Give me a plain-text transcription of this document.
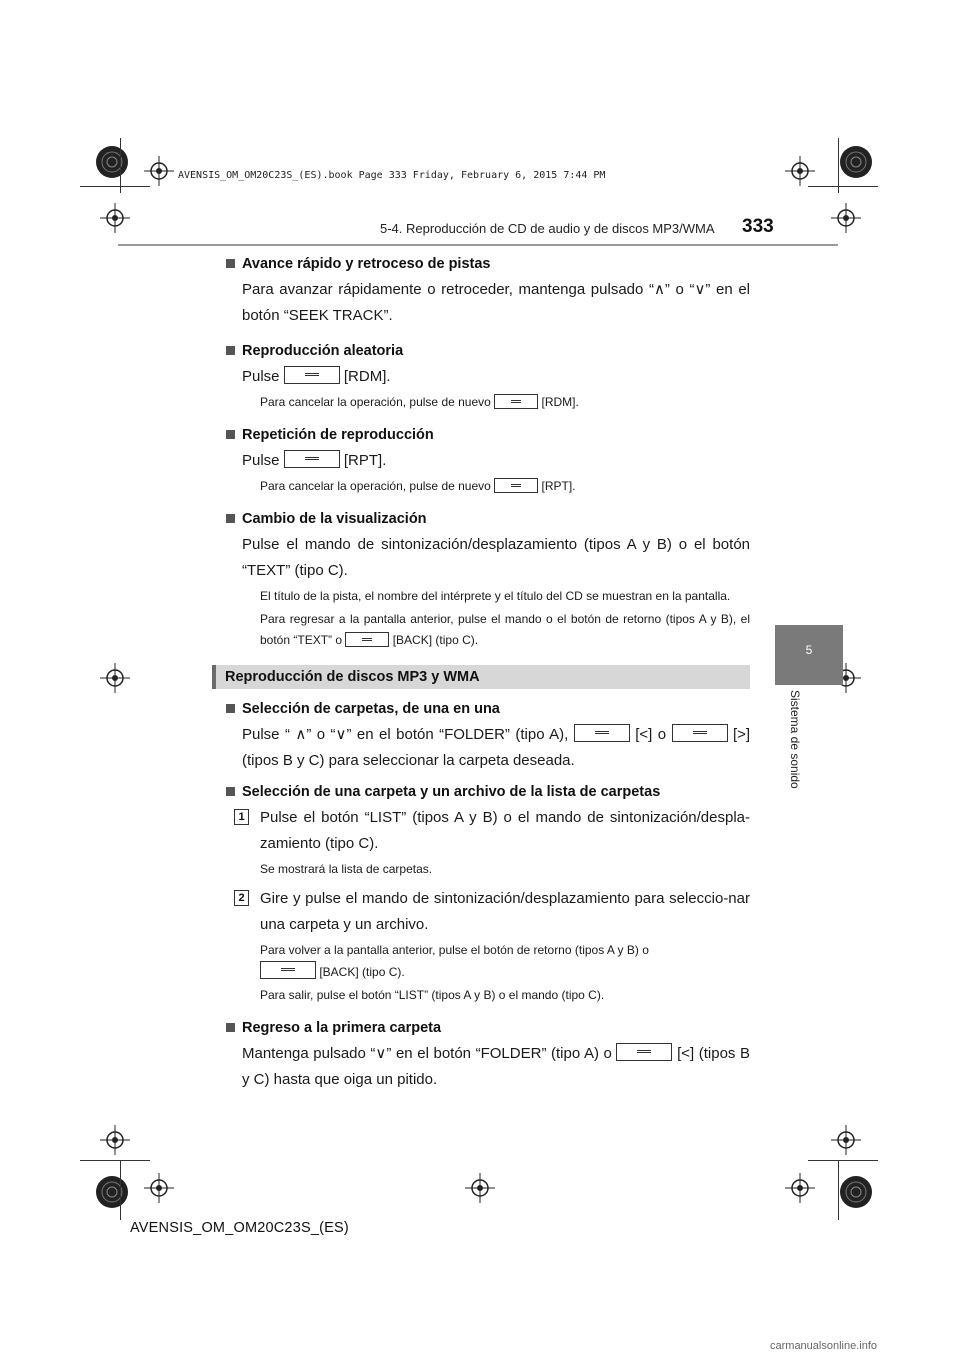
AVENSIS_OM_OM20C23S_(ES).book Page 333 Friday, February 6, 2015 7:44 PM
5-4. Reproducción de CD de audio y de discos MP3/WMA 333
5
Sistema de sonido
Avance rápido y retroceso de pistas
Para avanzar rápidamente o retroceder, mantenga pulsado “∧” o “∨” en el botón “SEEK TRACK”.
Reproducción aleatoria
Pulse	[RDM].
Para cancelar la operación, pulse de nuevo	[RDM].
Repetición de reproducción
Pulse	[RPT].
Para cancelar la operación, pulse de nuevo	[RPT].
Cambio de la visualización
Pulse el mando de sintonización/desplazamiento (tipos A y B) o el botón “TEXT” (tipo C).
El título de la pista, el nombre del intérprete y el título del CD se muestran en la pantalla.
Para regresar a la pantalla anterior, pulse el mando o el botón de retorno (tipos A y B), el botón “TEXT” o	[BACK] (tipo C).
Reproducción de discos MP3 y WMA
Selección de carpetas, de una en una
Pulse “ ∧” o “∨” en el botón “FOLDER” (tipo A),	[<] o	[>] (tipos B y C) para seleccionar la carpeta deseada.
Selección de una carpeta y un archivo de la lista de carpetas
1 Pulse el botón “LIST” (tipos A y B) o el mando de sintonización/despla-zamiento (tipo C).
Se mostrará la lista de carpetas.
2 Gire y pulse el mando de sintonización/desplazamiento para seleccio-nar una carpeta y un archivo.
Para volver a la pantalla anterior, pulse el botón de retorno (tipos A y B) o
[BACK] (tipo C).
Para salir, pulse el botón “LIST” (tipos A y B) o el mando (tipo C).
Regreso a la primera carpeta
Mantenga pulsado “∨” en el botón “FOLDER” (tipo A) o	[<] (tipos B y C) hasta que oiga un pitido.
AVENSIS_OM_OM20C23S_(ES)
carmanualsonline.info
